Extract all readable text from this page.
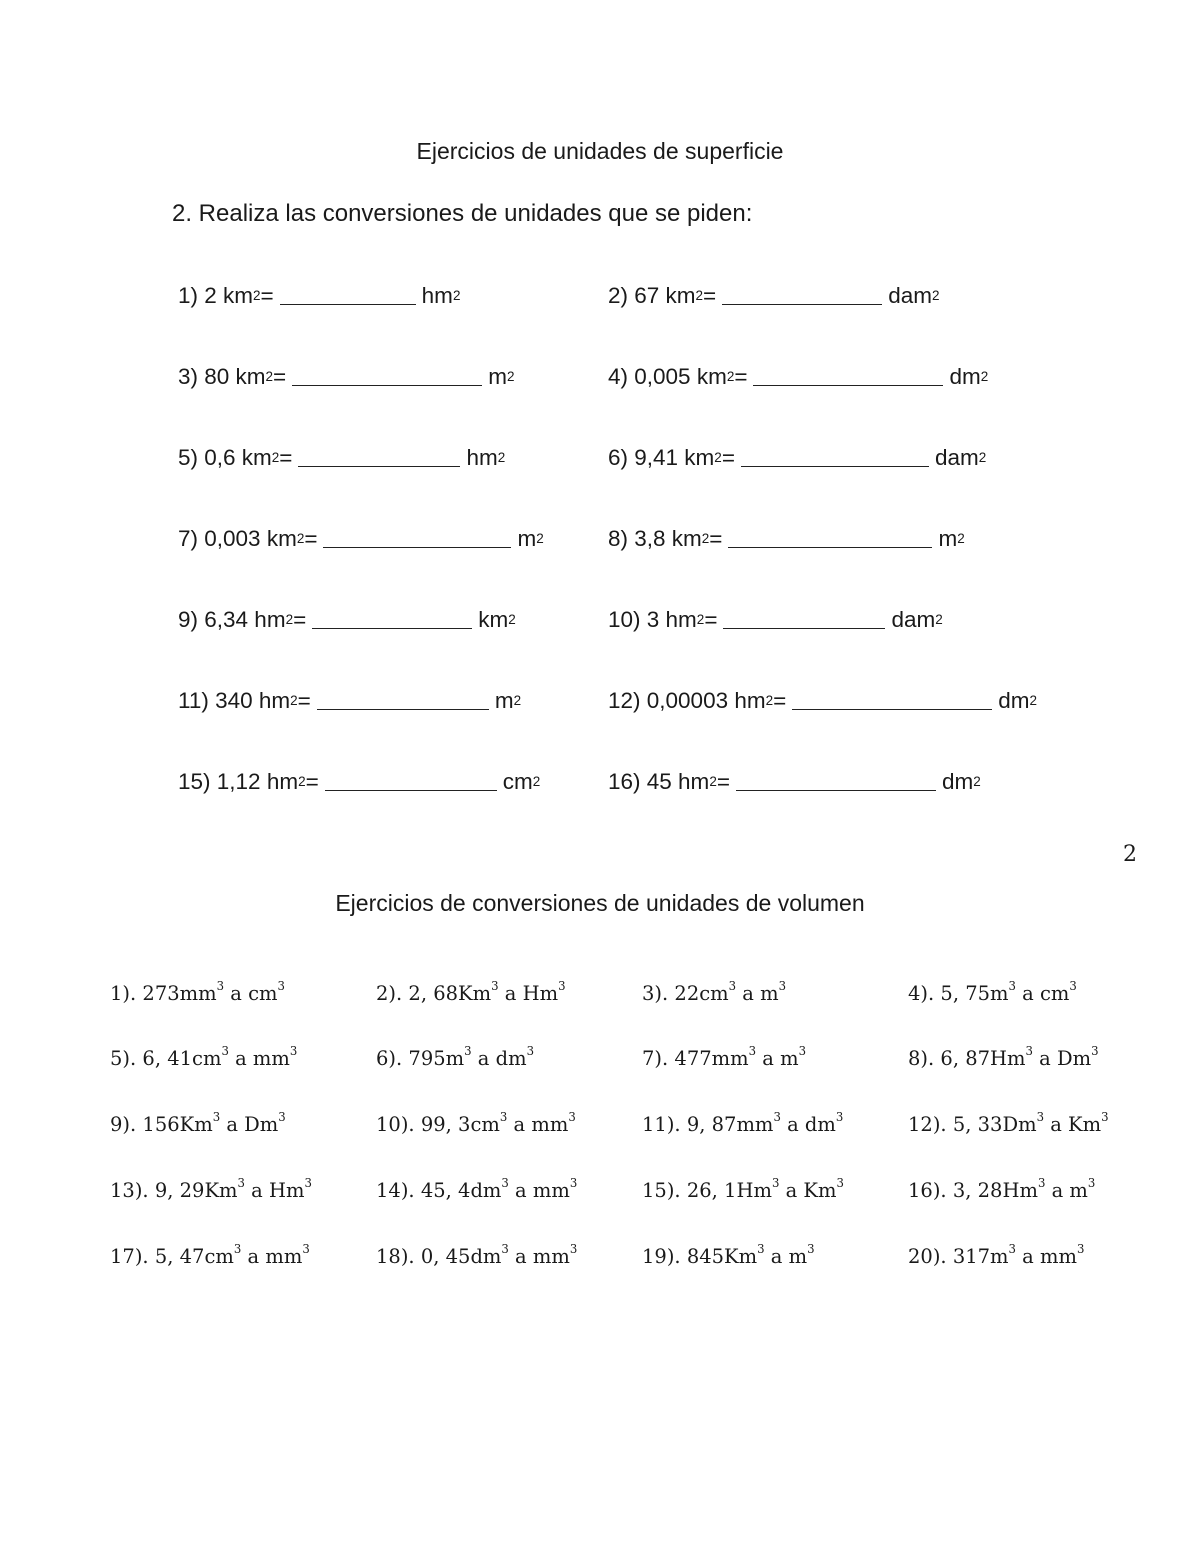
Ejercicios de unidades de superficie
2. Realiza las conversiones de unidades que se piden:
1) 2 $km^2$ =	$hm^2$	2) 67 $km^2$ =	dam$^2$
3) 80 $km^2$ =	$m^2$	4) 0,005 $km^2$ =	$dm^2$
5) 0,6 $km^2$ =	$hm^2$	6) 9,41 $km^2$ =	dam$^2$
7) 0,003 $km^2$ =	$m^2$	8) 3,8 $km^2$ =	$m^2$
9) 6,34 $hm^2$ =	$km^2$	10) 3 $hm^2$ =	dam$^2$
11) 340 $hm^2$ =	$m^2$	12) 0,00003 $hm^2$ =	$dm^2$
15) 1,12 $hm^2$ =	$cm^2$	16) 45 $hm^2$ =	$dm^2$
2
Ejercicios de conversiones de unidades de volumen
1). $273mm^3$ a $cm^3$	2). 2, 68Km$^3$ a Hm$^3$	3). $22cm^3$ a $m^3$	4). 5, $75m^3$ a $cm^3$
5). 6, $41cm^3$ a $mm^3$	6). $795m^3$ a $dm^3$	7). $477mm^3$ a $m^3$	8). 6, 87Hm$^3$ a Dm$^3$
9). 156Km$^3$ a Dm$^3$	10). 99, $3cm^3$ a $mm^3$	11). 9, $87mm^3$ a $dm^3$	12). 5, 33Dm$^3$ a Km$^3$
13). 9, 29Km$^3$ a Hm$^3$	14). 45, $4dm^3$ a $mm^3$	15). 26, 1Hm$^3$ a Km$^3$	16). 3, 28Hm$^3$ a $m^3$
17). 5, $47cm^3$ a $mm^3$	18). 0, $45dm^3$ a $mm^3$	19). 845Km$^3$ a $m^3$	20). $317m^3$ a $mm^3$
